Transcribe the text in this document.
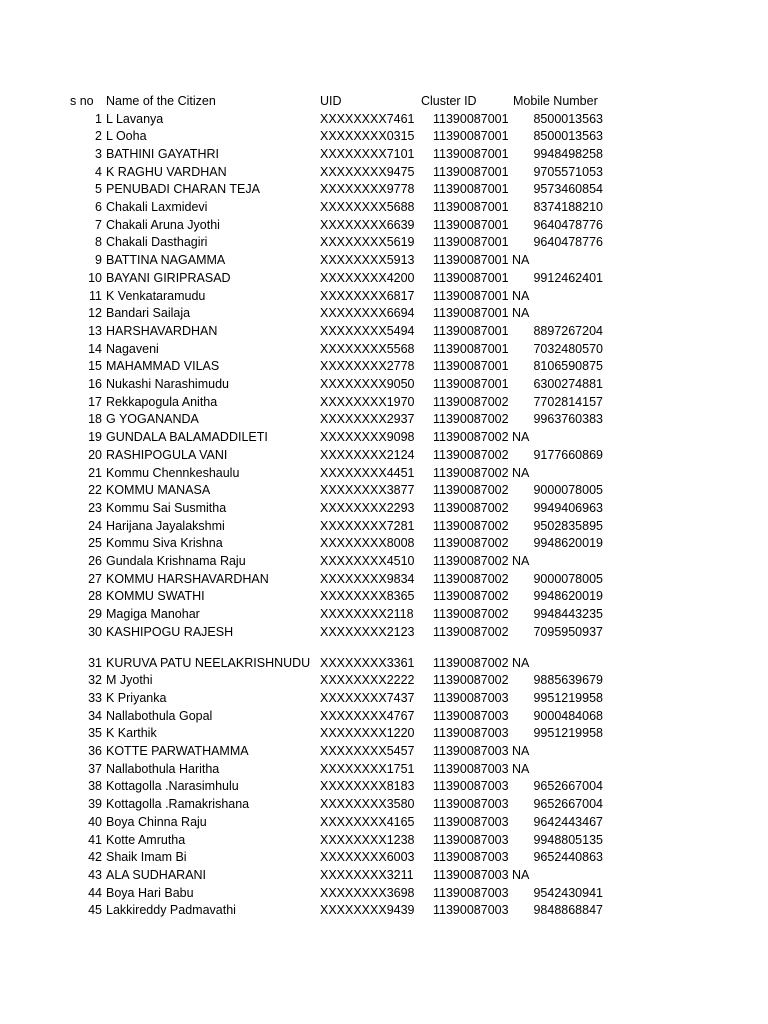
s no Name of the Citizen	UID	Cluster ID	Mobile Number
1 L Lavanya	XXXXXXXX7461 11390087001 8500013563
2 L Ooha	XXXXXXXX0315 11390087001 8500013563
3 BATHINI GAYATHRI	XXXXXXXX7101 11390087001 9948498258
4 K RAGHU VARDHAN	XXXXXXXX9475 11390087001 9705571053
5 PENUBADI CHARAN TEJA	XXXXXXXX9778 11390087001 9573460854
6 Chakali Laxmidevi	XXXXXXXX5688 11390087001 8374188210
7 Chakali Aruna Jyothi	XXXXXXXX6639 11390087001 9640478776
8 Chakali Dasthagiri	XXXXXXXX5619 11390087001 9640478776
9 BATTINA NAGAMMA	XXXXXXXX5913 11390087001 NA
10 BAYANI GIRIPRASAD	XXXXXXXX4200 11390087001 9912462401
11 K Venkataramudu	XXXXXXXX6817 11390087001 NA
12 Bandari Sailaja	XXXXXXXX6694 11390087001 NA
13 HARSHAVARDHAN	XXXXXXXX5494 11390087001 8897267204
14 Nagaveni	XXXXXXXX5568 11390087001 7032480570
15 MAHAMMAD VILAS	XXXXXXXX2778 11390087001 8106590875
16 Nukashi Narashimudu	XXXXXXXX9050 11390087001 6300274881
17 Rekkapogula Anitha	XXXXXXXX1970 11390087002 7702814157
18 G YOGANANDA	XXXXXXXX2937 11390087002 9963760383
19 GUNDALA BALAMADDILETI	XXXXXXXX9098 11390087002 NA
20 RASHIPOGULA VANI	XXXXXXXX2124 11390087002 9177660869
21 Kommu Chennkeshaulu	XXXXXXXX4451 11390087002 NA
22 KOMMU MANASA	XXXXXXXX3877 11390087002 9000078005
23 Kommu Sai Susmitha	XXXXXXXX2293 11390087002 9949406963
24 Harijana Jayalakshmi	XXXXXXXX7281 11390087002 9502835895
25 Kommu Siva Krishna	XXXXXXXX8008 11390087002 9948620019
26 Gundala Krishnama Raju	XXXXXXXX4510 11390087002 NA
27 KOMMU HARSHAVARDHAN	XXXXXXXX9834 11390087002 9000078005
28 KOMMU SWATHI	XXXXXXXX8365 11390087002 9948620019
29 Magiga Manohar	XXXXXXXX2118 11390087002 9948443235
30 KASHIPOGU RAJESH	XXXXXXXX2123 11390087002 7095950937
31 KURUVA PATU NEELAKRISHNUDU XXXXXXXX3361 11390087002 NA
32 M Jyothi	XXXXXXXX2222 11390087002 9885639679
33 K Priyanka	XXXXXXXX7437 11390087003 9951219958
34 Nallabothula Gopal	XXXXXXXX4767 11390087003 9000484068
35 K Karthik	XXXXXXXX1220 11390087003 9951219958
36 KOTTE PARWATHAMMA	XXXXXXXX5457 11390087003 NA
37 Nallabothula Haritha	XXXXXXXX1751 11390087003 NA
38 Kottagolla .Narasimhulu	XXXXXXXX8183 11390087003 9652667004
39 Kottagolla .Ramakrishana	XXXXXXXX3580 11390087003 9652667004
40 Boya Chinna Raju	XXXXXXXX4165 11390087003 9642443467
41 Kotte Amrutha	XXXXXXXX1238 11390087003 9948805135
42 Shaik Imam Bi	XXXXXXXX6003 11390087003 9652440863
43 ALA SUDHARANI	XXXXXXXX3211 11390087003 NA
44 Boya Hari Babu	XXXXXXXX3698 11390087003 9542430941
45 Lakkireddy Padmavathi	XXXXXXXX9439 11390087003 9848868847
